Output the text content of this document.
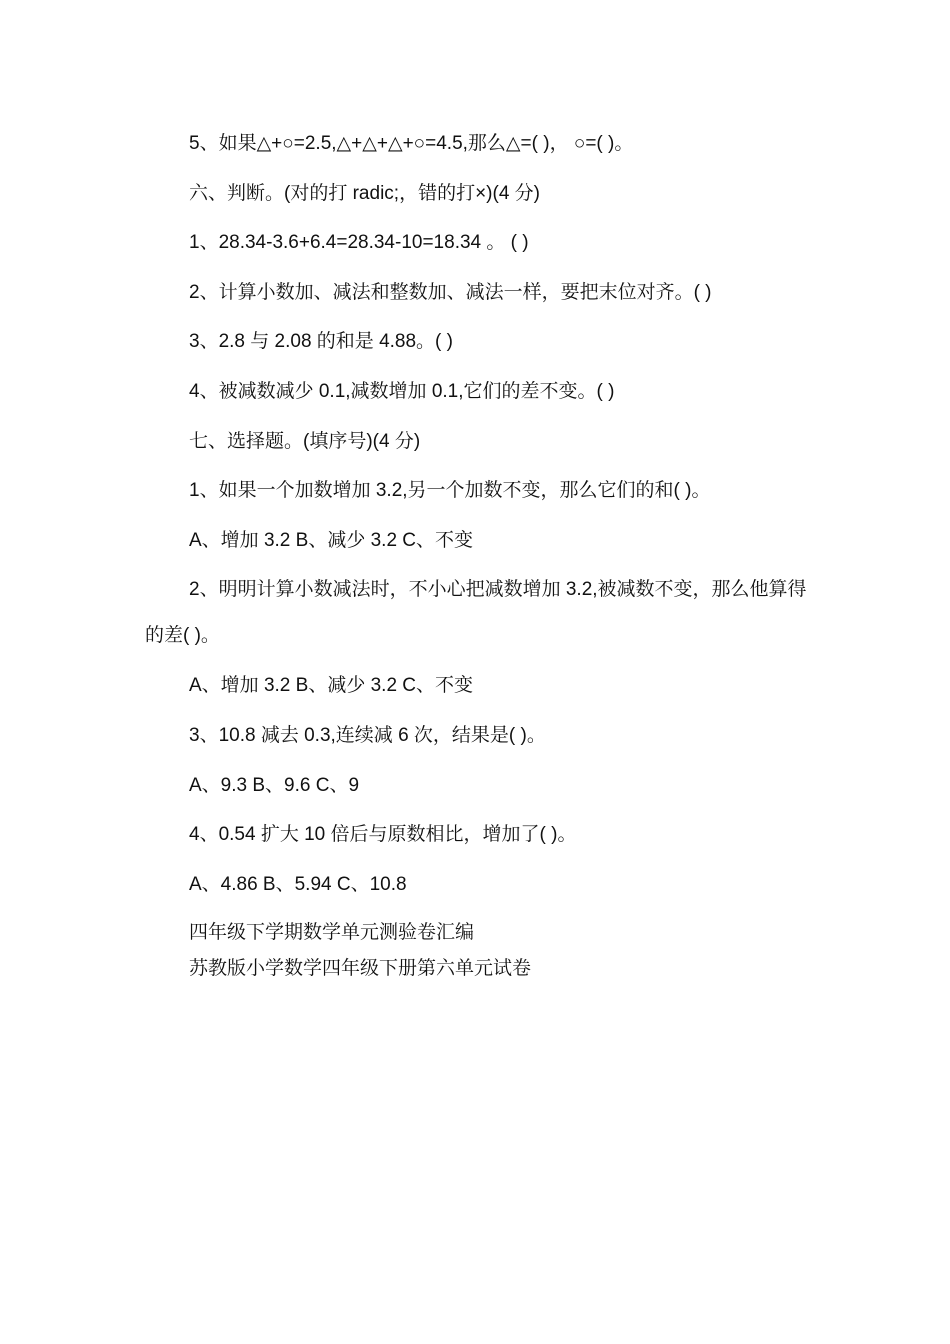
5、如果△+○=2.5,△+△+△+○=4.5,那么△=( )， ○=( )。

六、判断。(对的打 radic;，错的打×)(4 分)

1、28.34-3.6+6.4=28.34-10=18.34 。 ( )

2、计算小数加、减法和整数加、减法一样，要把末位对齐。( )

3、2.8 与 2.08 的和是 4.88。( )

4、被减数减少 0.1,减数增加 0.1,它们的差不变。( )

七、选择题。(填序号)(4 分)

1、如果一个加数增加 3.2,另一个加数不变，那么它们的和( )。

A、增加 3.2 B、减少 3.2 C、不变

2、明明计算小数减法时，不小心把减数增加 3.2,被减数不变，那么他算得的差( )。

A、增加 3.2 B、减少 3.2 C、不变

3、10.8 减去 0.3,连续减 6 次，结果是( )。

A、9.3 B、9.6 C、9

4、0.54 扩大 10 倍后与原数相比，增加了( )。

A、4.86 B、5.94 C、10.8

四年级下学期数学单元测验卷汇编

苏教版小学数学四年级下册第六单元试卷
